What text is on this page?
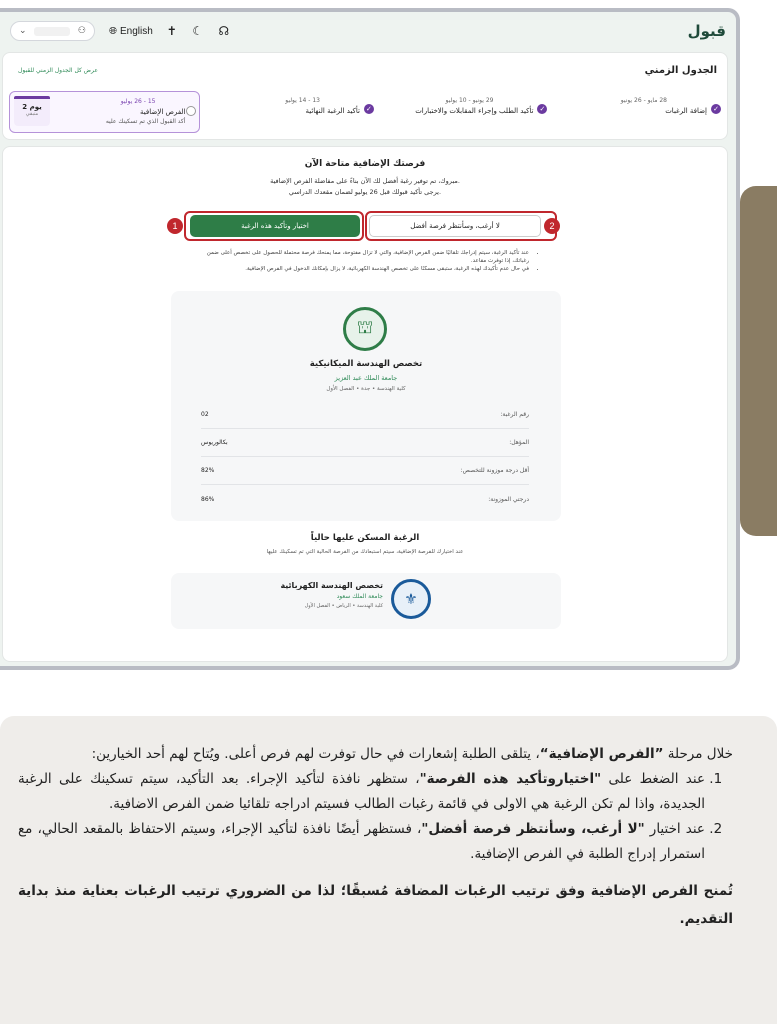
⌄	⚇ 🌐︎ English ✝ ☾ ☊	قبول
الجدول الزمني
عرض كل الجدول الزمني للقبول
✓
28 مايو - 26 يونيو
إضافة الرغبات
✓
29 يونيو - 10 يوليو
تأكيد الطلب وإجراء المقابلات والاختبارات
✓
13 - 14 يوليو
تأكيد الرغبة النهائية
15 - 26 يوليو
الفرص الإضافية
أكد القبول الذي تم تسكينك عليه
2 يوم
متبقي
فرصتك الإضافية متاحة الآن
مبروك، تم توفير رغبة أفضل لك الآن بناءً على مفاضلة الفرص الإضافية.
يرجى تأكيد قبولك قبل 26 يوليو لضمان مقعدك الدراسي.
اختيار وتأكيد هذه الرغبة	لا أرغب، وسأنتظر فرصة أفضل
1	2
• عند تأكيد الرغبة، سيتم إدراجك تلقائيًا ضمن الفرص الإضافية، والتي لا تزال مفتوحة، مما يمنحك فرصة محتملة للحصول على تخصص أعلى ضمن رغباتك، إذا توفرت مقاعد.
• في حال عدم تأكيدك لهذه الرغبة، ستبقى مسكنًا على تخصص الهندسة الكهربائية، لا يزال بإمكانك الدخول في الفرص الإضافية.
⛫
تخصص الهندسة الميكانيكية
جامعة الملك عبد العزيز
كلية الهندسة • جدة • الفصل الأول
رقم الرغبة:
02
المؤهل:
بكالوريوس
أقل درجة موزونة للتخصص:
82%
درجتي الموزونة:
86%
الرغبة المسكن عليها حالياً
عند اختيارك للفرصة الإضافية، سيتم استبعادك من الفرصة الحالية التي تم تسكينك عليها
⚜
تخصص الهندسة الكهربائية
جامعة الملك سعود
كلية الهندسة • الرياض • الفصل الأول

خلال مرحلة ”الفرص الإضافية“، يتلقى الطلبة إشعارات في حال توفرت لهم فرص أعلى. ويُتاح لهم أحد الخيارين:

1. عند الضغط على "اختياروتأكيد هذه الفرصة"، ستظهر نافذة لتأكيد الإجراء. بعد التأكيد، سيتم تسكينك على الرغبة الجديدة، واذا لم تكن الرغبة هي الاولى في قائمة رغبات الطالب فسيتم ادراجه تلقائيا ضمن الفرص الاضافية.
2. عند اختيار "لا أرغب، وسأنتظر فرصة أفضل"، فستظهر أيضًا نافذة لتأكيد الإجراء، وسيتم الاحتفاظ بالمقعد الحالي، مع استمرار إدراج الطلبة في الفرص الإضافية.

تُمنح الفرص الإضافية وفق ترتيب الرغبات المضافة مُسبقًا؛ لذا من الضروري ترتيب الرغبات بعناية منذ بداية التقديم.
